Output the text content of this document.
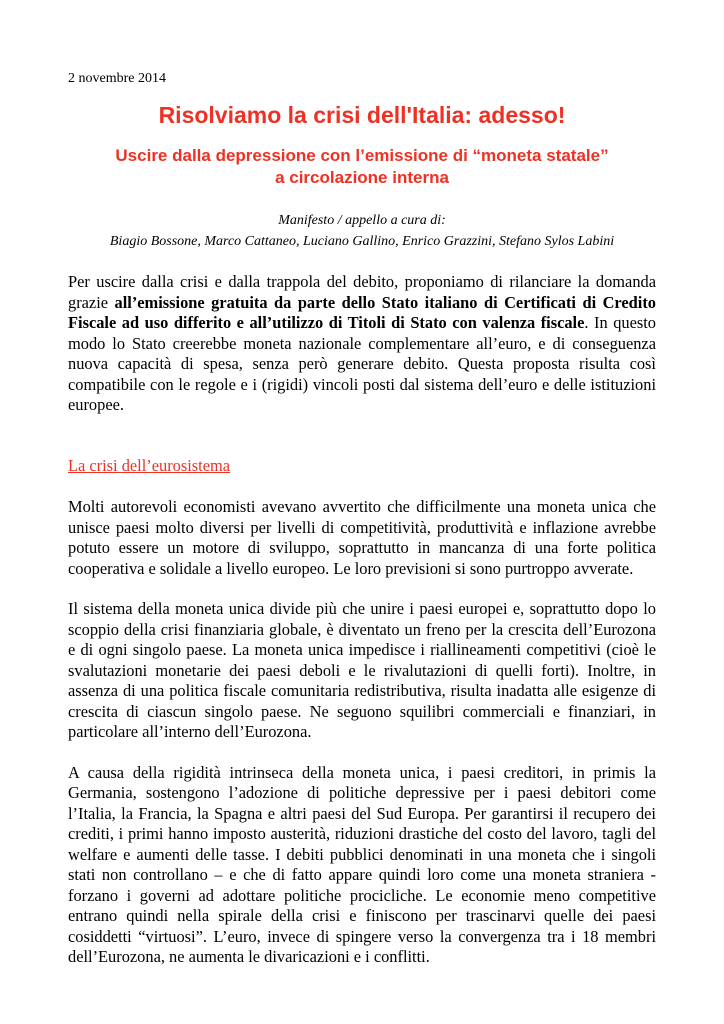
2 novembre 2014

Risolviamo la crisi dell'Italia: adesso!
Uscire dalla depressione con l’emissione di “moneta statale”
a circolazione interna
Manifesto / appello a cura di:
Biagio Bossone, Marco Cattaneo, Luciano Gallino, Enrico Grazzini, Stefano Sylos Labini

Per uscire dalla crisi e dalla trappola del debito, proponiamo di rilanciare la domanda grazie all’emissione gratuita da parte dello Stato italiano di Certificati di Credito Fiscale ad uso differito e all’utilizzo di Titoli di Stato con valenza fiscale. In questo modo lo Stato creerebbe moneta nazionale complementare all’euro, e di conseguenza nuova capacità di spesa, senza però generare debito. Questa proposta risulta così compatibile con le regole e i (rigidi) vincoli posti dal sistema dell’euro e delle istituzioni europee.

La crisi dell’eurosistema

Molti autorevoli economisti avevano avvertito che difficilmente una moneta unica che unisce paesi molto diversi per livelli di competitività, produttività e inflazione avrebbe potuto essere un motore di sviluppo, soprattutto in mancanza di una forte politica cooperativa e solidale a livello europeo. Le loro previsioni si sono purtroppo avverate.

Il sistema della moneta unica divide più che unire i paesi europei e, soprattutto dopo lo scoppio della crisi finanziaria globale, è diventato un freno per la crescita dell’Eurozona e di ogni singolo paese. La moneta unica impedisce i riallineamenti competitivi (cioè le svalutazioni monetarie dei paesi deboli e le rivalutazioni di quelli forti). Inoltre, in assenza di una politica fiscale comunitaria redistributiva, risulta inadatta alle esigenze di crescita di ciascun singolo paese. Ne seguono squilibri commerciali e finanziari, in particolare all’interno dell’Eurozona.

A causa della rigidità intrinseca della moneta unica, i paesi creditori, in primis la Germania, sostengono l’adozione di politiche depressive per i paesi debitori come l’Italia, la Francia, la Spagna e altri paesi del Sud Europa. Per garantirsi il recupero dei crediti, i primi hanno imposto austerità, riduzioni drastiche del costo del lavoro, tagli del welfare e aumenti delle tasse. I debiti pubblici denominati in una moneta che i singoli stati non controllano – e che di fatto appare quindi loro come una moneta straniera - forzano i governi ad adottare politiche procicliche. Le economie meno competitive entrano quindi nella spirale della crisi e finiscono per trascinarvi quelle dei paesi cosiddetti “virtuosi”. L’euro, invece di spingere verso la convergenza tra i 18 membri dell’Eurozona, ne aumenta le divaricazioni e i conflitti.
